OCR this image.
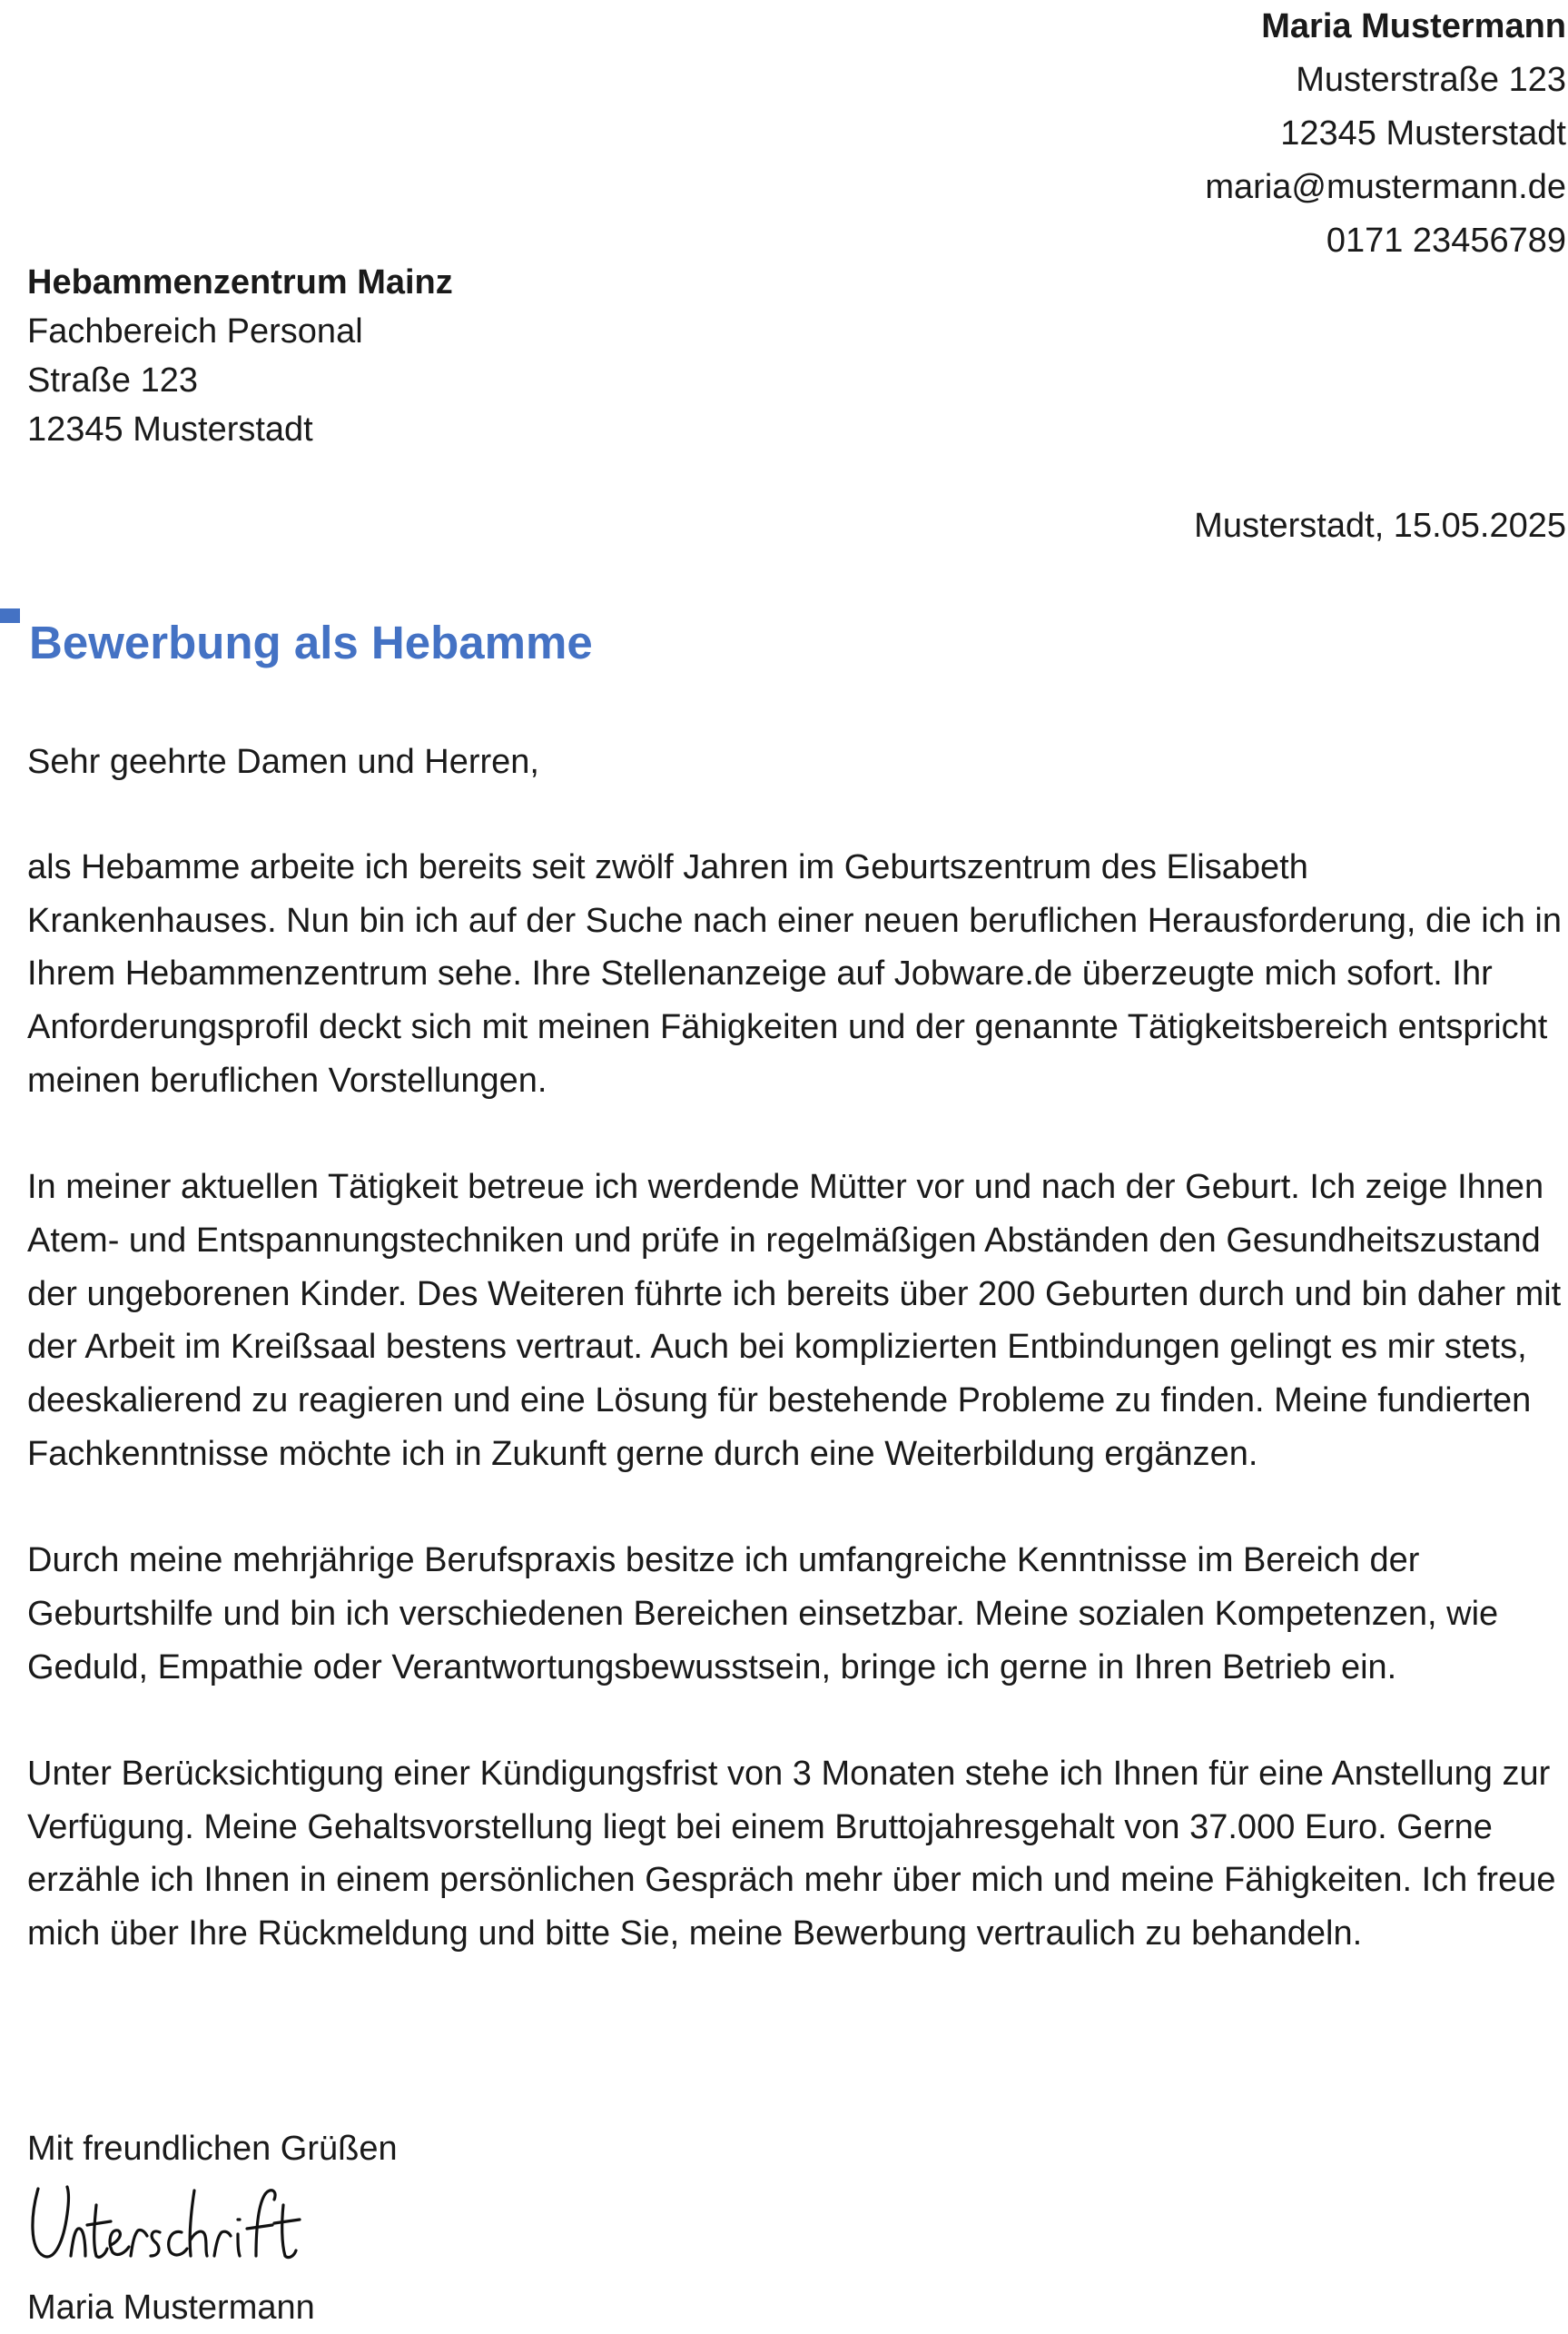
Maria Mustermann
Musterstraße 123
12345 Musterstadt
maria@mustermann.de
0171 23456789
Hebammenzentrum Mainz
Fachbereich Personal
Straße 123
12345 Musterstadt
Musterstadt, 15.05.2025
Bewerbung als Hebamme
Sehr geehrte Damen und Herren,

als Hebamme arbeite ich bereits seit zwölf Jahren im Geburtszentrum des Elisabeth Krankenhauses. Nun bin ich auf der Suche nach einer neuen beruflichen Herausforderung, die ich in Ihrem Hebammenzentrum sehe. Ihre Stellenanzeige auf Jobware.de überzeugte mich sofort. Ihr Anforderungsprofil deckt sich mit meinen Fähigkeiten und der genannte Tätigkeitsbereich entspricht meinen beruflichen Vorstellungen.

In meiner aktuellen Tätigkeit betreue ich werdende Mütter vor und nach der Geburt. Ich zeige Ihnen Atem- und Entspannungstechniken und prüfe in regelmäßigen Abständen den Gesundheitszustand der ungeborenen Kinder. Des Weiteren führte ich bereits über 200 Geburten durch und bin daher mit der Arbeit im Kreißsaal bestens vertraut. Auch bei komplizierten Entbindungen gelingt es mir stets, deeskalierend zu reagieren und eine Lösung für bestehende Probleme zu finden. Meine fundierten Fachkenntnisse möchte ich in Zukunft gerne durch eine Weiterbildung ergänzen.

Durch meine mehrjährige Berufspraxis besitze ich umfangreiche Kenntnisse im Bereich der Geburtshilfe und bin ich verschiedenen Bereichen einsetzbar. Meine sozialen Kompetenzen, wie Geduld, Empathie oder Verantwortungsbewusstsein, bringe ich gerne in Ihren Betrieb ein.

Unter Berücksichtigung einer Kündigungsfrist von 3 Monaten stehe ich Ihnen für eine Anstellung zur Verfügung. Meine Gehaltsvorstellung liegt bei einem Bruttojahresgehalt von 37.000 Euro. Gerne erzähle ich Ihnen in einem persönlichen Gespräch mehr über mich und meine Fähigkeiten. Ich freue mich über Ihre Rückmeldung und bitte Sie, meine Bewerbung vertraulich zu behandeln.

Mit freundlichen Grüßen
Maria Mustermann
